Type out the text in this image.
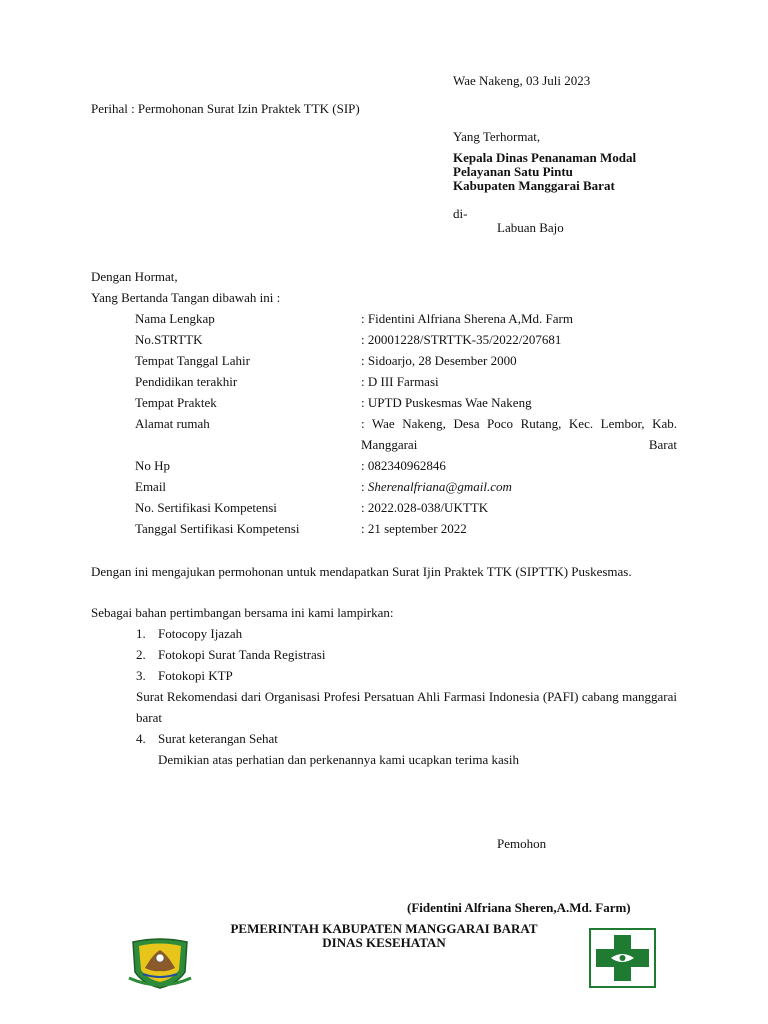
Wae Nakeng, 03 Juli 2023
Perihal : Permohonan Surat Izin Praktek TTK (SIP)
Yang Terhormat,
Kepala Dinas Penanaman Modal
Pelayanan Satu Pintu
Kabupaten Manggarai Barat
di-
Labuan Bajo
Dengan Hormat,
Yang Bertanda Tangan dibawah ini :
Nama Lengkap	: Fidentini Alfriana Sherena A,Md. Farm
No.STRTTK	: 20001228/STRTTK-35/2022/207681
Tempat Tanggal Lahir	: Sidoarjo, 28 Desember 2000
Pendidikan terakhir	: D III Farmasi
Tempat Praktek	: UPTD Puskesmas Wae Nakeng
Alamat rumah	: Wae Nakeng, Desa Poco Rutang, Kec. Lembor, Kab. Manggarai Barat
No Hp	: 082340962846
Email	: Sherenalfriana@gmail.com
No. Sertifikasi Kompetensi	: 2022.028-038/UKTTK
Tanggal Sertifikasi Kompetensi	: 21 september 2022
Dengan ini mengajukan permohonan untuk mendapatkan Surat Ijin Praktek TTK (SIPTTK) Puskesmas.
Sebagai bahan pertimbangan bersama ini kami lampirkan:
1. Fotocopy Ijazah
2. Fotokopi Surat Tanda Registrasi
3. Fotokopi KTP
Surat Rekomendasi dari Organisasi Profesi Persatuan Ahli Farmasi Indonesia (PAFI) cabang manggarai barat
4. Surat keterangan Sehat
Demikian atas perhatian dan perkenannya kami ucapkan terima kasih
Pemohon
(Fidentini Alfriana Sheren,A.Md. Farm)
PEMERINTAH KABUPATEN MANGGARAI BARAT
DINAS KESEHATAN
